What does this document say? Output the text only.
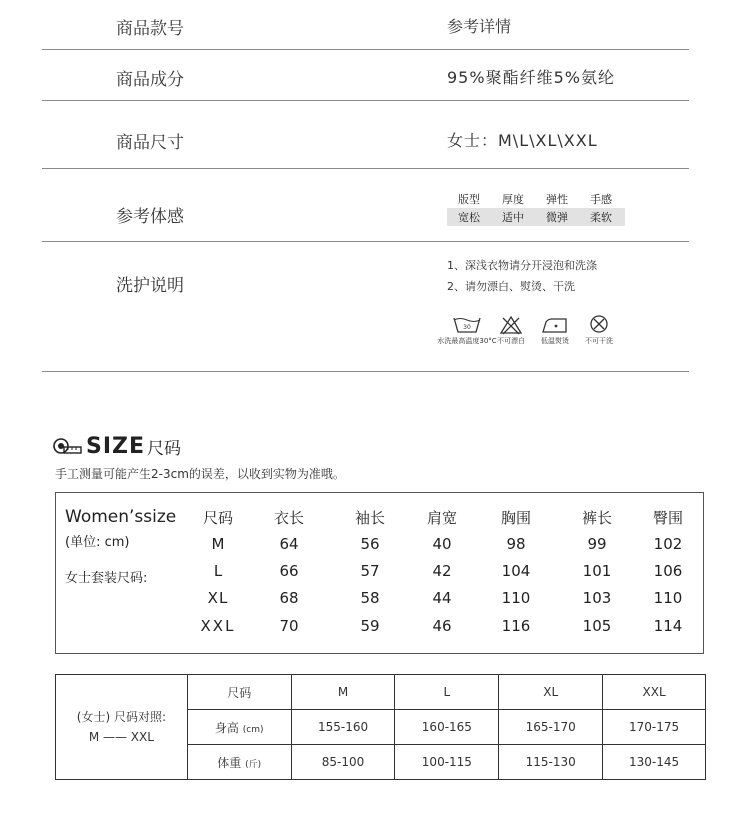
商品款号	参考详情
商品成分	95%聚酯纤维5%氨纶
商品尺寸	女士：M\L\XL\XXL
参考体感
版型	厚度	弹性	手感
宽松	适中	微弹	柔软
洗护说明
1、深浅衣物请分开浸泡和洗涤
2、请勿漂白、熨烫、干洗
30
水洗最高温度30°C 不可漂白 低温熨烫 不可干洗
SIZE 尺码
手工测量可能产生2-3cm的误差，以收到实物为准哦。
Women’ssize
(单位: cm)
女士套装尺码:
尺码	衣长	袖长	肩宽	胸围	裤长	臀围
M	64	56	40	98	99	102
L	66	57	42	104	101	106
XL	68	58	44	110	103	110
XXL	70	59	46	116	105	114
(女士) 尺码对照:
M —— XXL	尺码	M	L	XL	XXL
	身高 (cm)	155-160	160-165	165-170	170-175
	体重 (斤)	85-100	100-115	115-130	130-145
